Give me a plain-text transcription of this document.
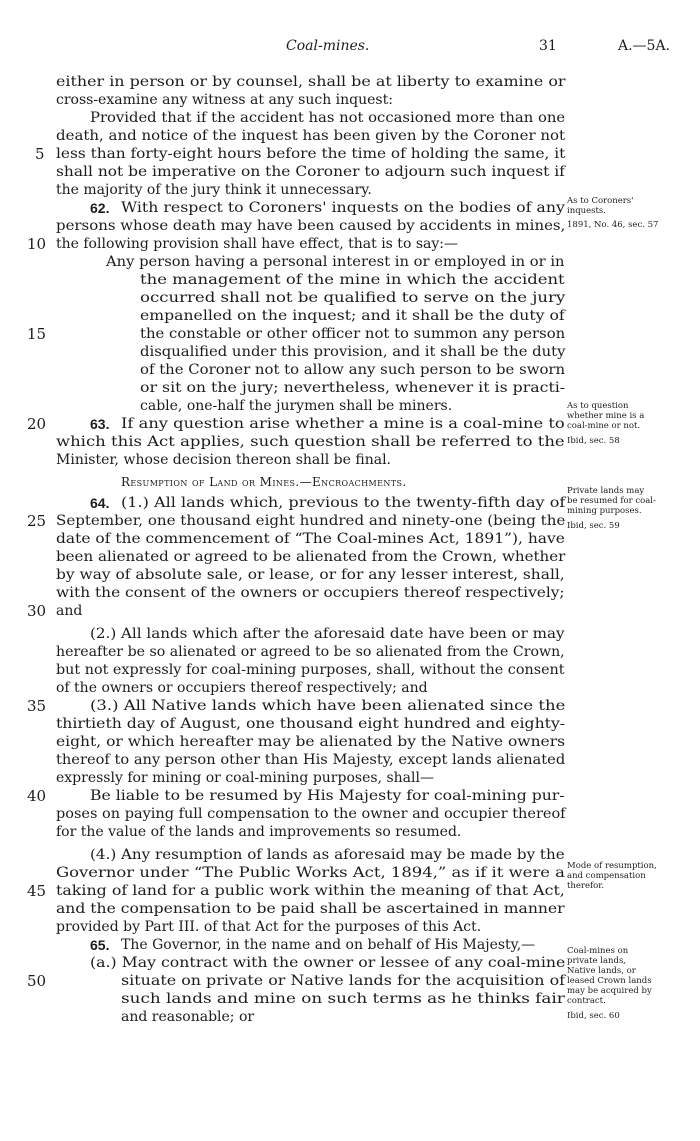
Coal-mines.	31	A.—5A.
either in person or by counsel, shall be at liberty to examine or
cross-examine any witness at any such inquest:
Provided that if the accident has not occasioned more than one
death, and notice of the inquest has been given by the Coroner not
less than forty-eight hours before the time of holding the same, it
shall not be imperative on the Coroner to adjourn such inquest if
the majority of the jury think it unnecessary.
With respect to Coroners' inquests on the bodies of any
persons whose death may have been caused by accidents in mines,
the following provision shall have effect, that is to say:—
Any person having a personal interest in or employed in or in
the management of the mine in which the accident
occurred shall not be qualified to serve on the jury
empanelled on the inquest; and it shall be the duty of
the constable or other officer not to summon any person
disqualified under this provision, and it shall be the duty
of the Coroner not to allow any such person to be sworn
or sit on the jury; nevertheless, whenever it is practi-
cable, one-half the jurymen shall be miners.
If any question arise whether a mine is a coal-mine to
which this Act applies, such question shall be referred to the
Minister, whose decision thereon shall be final.
Resumption of Land or Mines.—Encroachments.
(1.) All lands which, previous to the twenty-fifth day of
September, one thousand eight hundred and ninety-one (being the
date of the commencement of “The Coal-mines Act, 1891”), have
been alienated or agreed to be alienated from the Crown, whether
by way of absolute sale, or lease, or for any lesser interest, shall,
with the consent of the owners or occupiers thereof respectively;
and
(2.) All lands which after the aforesaid date have been or may
hereafter be so alienated or agreed to be so alienated from the Crown,
but not expressly for coal-mining purposes, shall, without the consent
of the owners or occupiers thereof respectively; and
(3.) All Native lands which have been alienated since the
thirtieth day of August, one thousand eight hundred and eighty-
eight, or which hereafter may be alienated by the Native owners
thereof to any person other than His Majesty, except lands alienated
expressly for mining or coal-mining purposes, shall—
Be liable to be resumed by His Majesty for coal-mining pur-
poses on paying full compensation to the owner and occupier thereof
for the value of the lands and improvements so resumed.
(4.) Any resumption of lands as aforesaid may be made by the
Governor under “The Public Works Act, 1894,” as if it were a
taking of land for a public work within the meaning of that Act,
and the compensation to be paid shall be ascertained in manner
provided by Part III. of that Act for the purposes of this Act.
The Governor, in the name and on behalf of His Majesty,—
(a.) May contract with the owner or lessee of any coal-mine
situate on private or Native lands for the acquisition of
such lands and mine on such terms as he thinks fair
and reasonable; or
62.
63.
64.
65.
5
10
15
20
25
30
35
40
45
50
As to Coroners'
inquests.
1891, No. 46, sec. 57
As to question
whether mine is a
coal-mine or not.
Ibid, sec. 58
Private lands may
be resumed for coal-
mining purposes.
Ibid, sec. 59
Mode of resumption,
and compensation
therefor.
Coal-mines on
private lands,
Native lands, or
leased Crown lands
may be acquired by
contract.
Ibid, sec. 60
